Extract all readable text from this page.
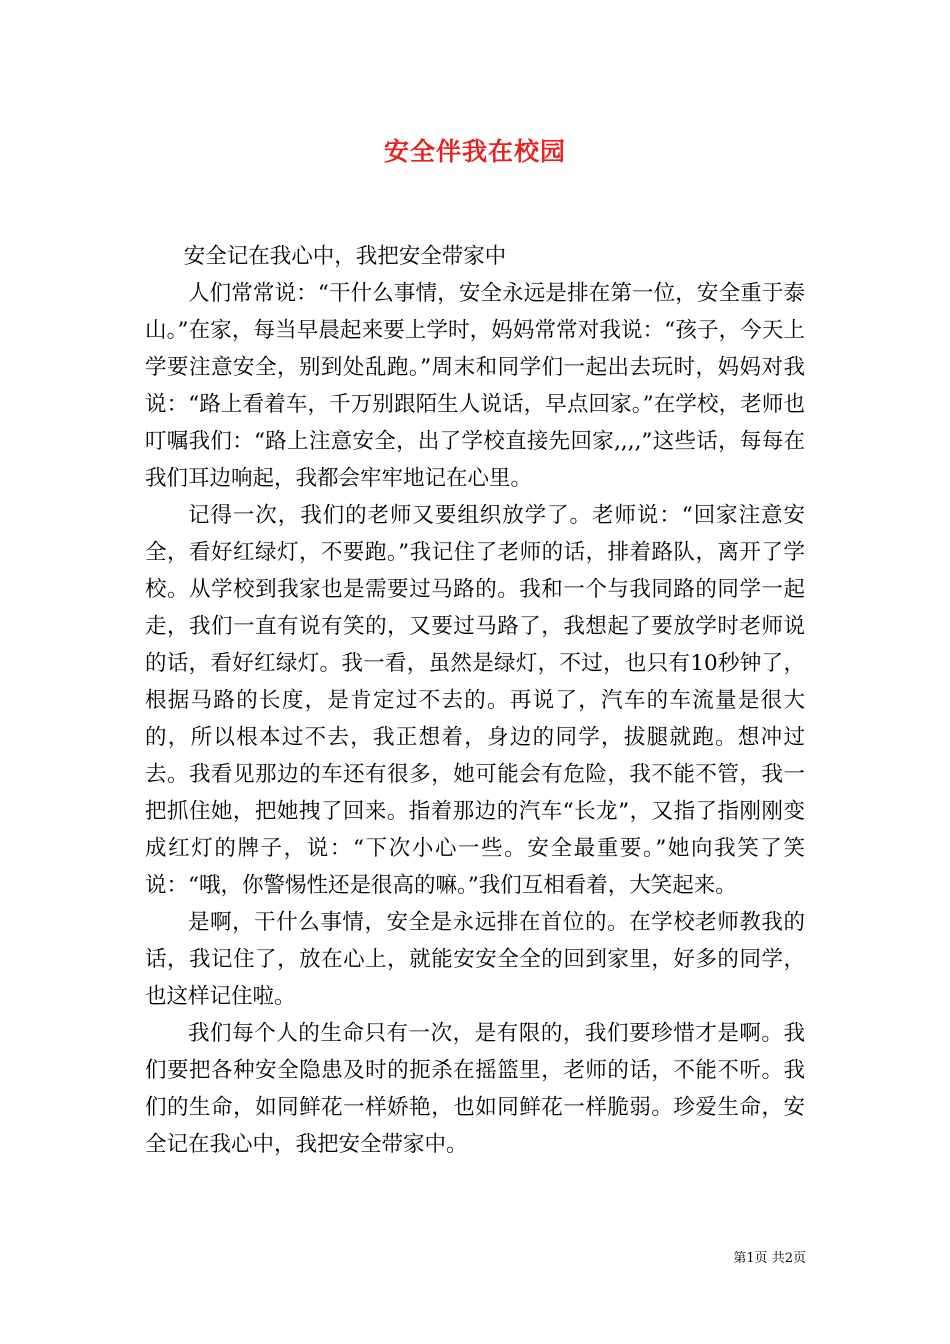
安全伴我在校园

安全记在我心中，我把安全带家中

人们常常说：“干什么事情，安全永远是排在第一位，安全重于泰山。”在家，每当早晨起来要上学时，妈妈常常对我说：“孩子，今天上学要注意安全，别到处乱跑。”周末和同学们一起出去玩时，妈妈对我说：“路上看着车，千万别跟陌生人说话，早点回家。”在学校，老师也叮嘱我们：“路上注意安全，出了学校直接先回家,,,,”这些话，每每在我们耳边响起，我都会牢牢地记在心里。

记得一次，我们的老师又要组织放学了。老师说：“回家注意安全，看好红绿灯，不要跑。”我记住了老师的话，排着路队，离开了学校。从学校到我家也是需要过马路的。我和一个与我同路的同学一起走，我们一直有说有笑的，又要过马路了，我想起了要放学时老师说的话，看好红绿灯。我一看，虽然是绿灯，不过，也只有10秒钟了，根据马路的长度，是肯定过不去的。再说了，汽车的车流量是很大的，所以根本过不去，我正想着，身边的同学，拔腿就跑。想冲过去。我看见那边的车还有很多，她可能会有危险，我不能不管，我一把抓住她，把她拽了回来。指着那边的汽车“长龙”，又指了指刚刚变成红灯的牌子，说：“下次小心一些。安全最重要。”她向我笑了笑说：“哦，你警惕性还是很高的嘛。”我们互相看着，大笑起来。

是啊，干什么事情，安全是永远排在首位的。在学校老师教我的话，我记住了，放在心上，就能安安全全的回到家里，好多的同学，也这样记住啦。

我们每个人的生命只有一次，是有限的，我们要珍惜才是啊。我们要把各种安全隐患及时的扼杀在摇篮里，老师的话，不能不听。我们的生命，如同鲜花一样娇艳，也如同鲜花一样脆弱。珍爱生命，安全记在我心中，我把安全带家中。

第1页 共2页
